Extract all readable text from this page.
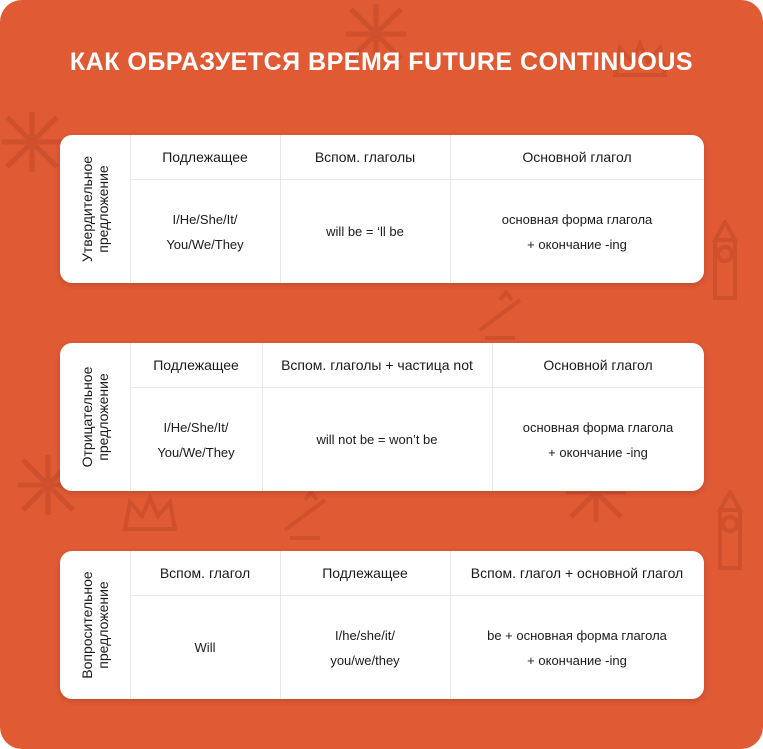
КАК ОБРАЗУЕТСЯ ВРЕМЯ FUTURE CONTINUOUS
Утвердительное предложение
Подлежащее
I/He/She/It/
You/We/They
Вспом. глаголы
will be = ‘ll be
Основной глагол
основная форма глагола
+ окончание -ing
Отрицательное предложение
Подлежащее
I/He/She/It/
You/We/They
Вспом. глаголы + частица not
will not be = won’t be
Основной глагол
основная форма глагола
+ окончание -ing
Вопросительное предложение
Вспом. глагол
Will
Подлежащее
I/he/she/it/
you/we/they
Вспом. глагол + основной глагол
be + основная форма глагола
+ окончание -ing
